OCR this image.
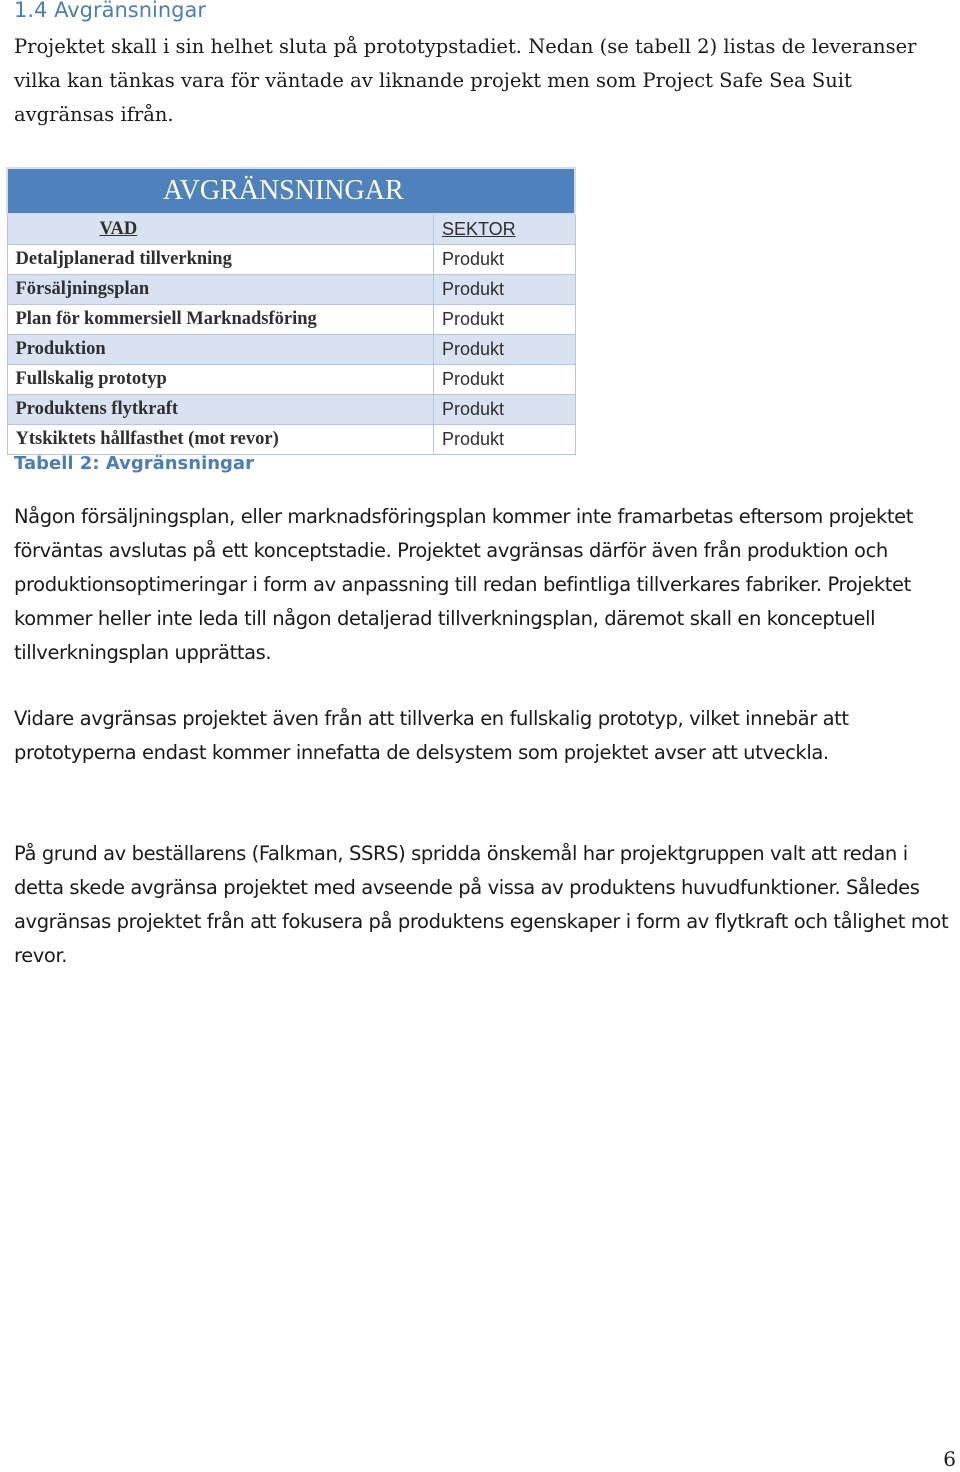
1.4 Avgränsningar

Projektet skall i sin helhet sluta på prototypstadiet. Nedan (se tabell 2) listas de leveranser vilka kan tänkas vara för väntade av liknande projekt men som Project Safe Sea Suit avgränsas ifrån.

AVGRÄNSNINGAR	
VAD	SEKTOR
Detaljplanerad tillverkning	Produkt
Försäljningsplan	Produkt
Plan för kommersiell Marknadsföring	Produkt
Produktion	Produkt
Fullskalig prototyp	Produkt
Produktens flytkraft	Produkt
Ytskiktets hållfasthet (mot revor)	Produkt
Tabell 2: Avgränsningar

Någon försäljningsplan, eller marknadsföringsplan kommer inte framarbetas eftersom projektet förväntas avslutas på ett konceptstadie. Projektet avgränsas därför även från produktion och produktionsoptimeringar i form av anpassning till redan befintliga tillverkares fabriker. Projektet kommer heller inte leda till någon detaljerad tillverkningsplan, däremot skall en konceptuell tillverkningsplan upprättas.

Vidare avgränsas projektet även från att tillverka en fullskalig prototyp, vilket innebär att prototyperna endast kommer innefatta de delsystem som projektet avser att utveckla.

På grund av beställarens (Falkman, SSRS) spridda önskemål har projektgruppen valt att redan i detta skede avgränsa projektet med avseende på vissa av produktens huvudfunktioner. Således avgränsas projektet från att fokusera på produktens egenskaper i form av flytkraft och tålighet mot revor.

6
